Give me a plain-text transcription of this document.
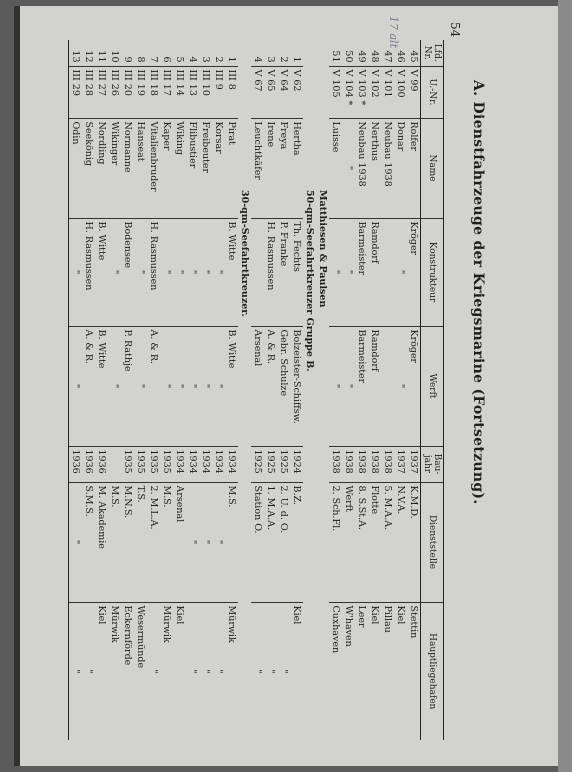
54
17 alt
A. Dienstfahrzeuge der Kriegsmarine (Fortsetzung).
Lfd. Nr.	U.-Nr.	Name	Konstrukteur	Werft	Bau-jahr	Dienststelle	Hauptliegehafen
45	V 99	Rolfer	Kröger	Kröger	1937	K.M.D.	Stettin
46	V 100	Donar	"	"	1937	N.V.A.	Kiel
47	V 101	Neubau 1938			1938	5. M.A.A.	Pillau
48	V 102	Nerthus	Ramdorf	Ramdorf	1938	Flotte	Kiel
49	V 103 *	Neubau 1938	Barmeister	Barmeister	1938	8. S.St.A.	Leer
50	V 104 *	"	"	"	1938	Werft	W'haven
51	V 105	Luisse	"	"	1938	2. Sch.Fl.	Cuxhaven
Matthiesen & Paulsen							
50-qm-Seefahrtkreuzer Gruppe B.							
1	V 62	Hertha	Th. Fechts	Bolzeister-Schiffsw.	1924	B.Z.	Kiel
2	V 64	Freya	P. Franke	Gebr. Schulze	1925	2. U. d. O.	"
3	V 65	Irene	H. Rasmussen	A. & R.	1925	1. M.A.A.	"
4	V 67	Leuchtkäfer		Arsenal	1925	Station O.	"
30-qm-Seefahrtkreuzer.							
1	III 8	Pirat	B. Witte	B. Witte	1934	M.S.	Mürwik
2	III 9	Korsar	"	"	1934	"	"
3	III 10	Freibeuter	"	"	1934	"	"
4	III 13	Flibustier	"	"	1934	"	"
5	III 14	Wiking	"	"	1934	Arsenal	Kiel
6	III 17	Kaper	"	"	1935	M.S.	Mürwik
7	III 18	Vitalienbruder	H. Rasmussen	A. & R.	1935	2. M.L.A.	"
8	III 19	Hanseat	"	"	1935	T.S.	Wesermünde
9	III 20	Normanne	Bodensee	P. Rathje	1935	M.N.S.	Eckernförde
10	III 26	Wikinger	"	"		M.S.	Mürwik
11	III 27	Nordling	B. Witte	B. Witte	1936	M. Akademie	Kiel
12	III 28	Seekönig	H. Rasmussen	A. & R.	1936	S.M.S.	"
13	III 29	Odin	"	"	1936	"	"
